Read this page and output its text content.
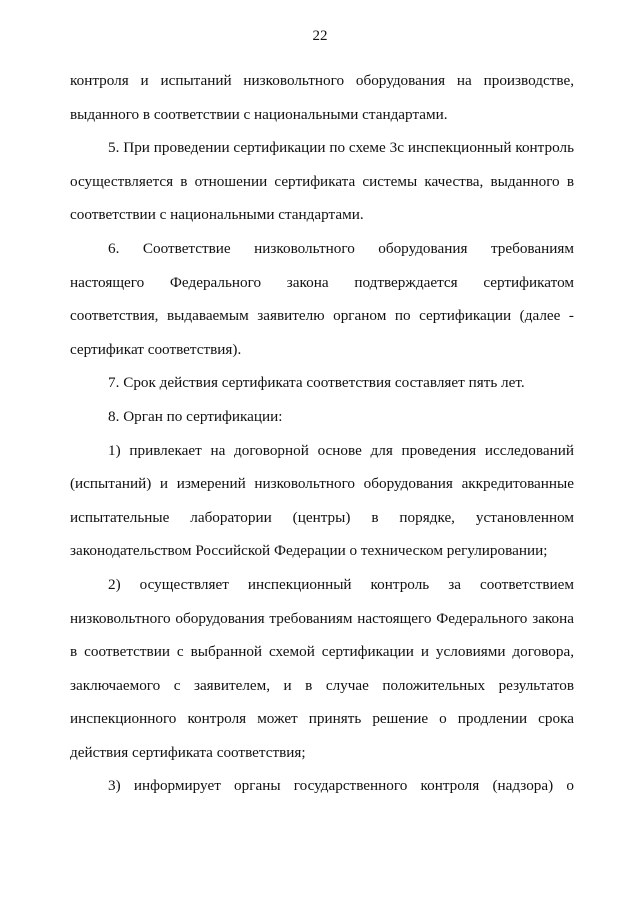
22
контроля и испытаний низковольтного оборудования на производстве,
выданного в соответствии с национальными стандартами.
5. При проведении сертификации по схеме 3с инспекционный контроль
осуществляется в отношении сертификата системы качества, выданного в
соответствии с национальными стандартами.
6. Соответствие низковольтного оборудования требованиям
настоящего Федерального закона подтверждается сертификатом
соответствия, выдаваемым заявителю органом по сертификации (далее -
сертификат соответствия).
7. Срок действия сертификата соответствия составляет пять лет.
8. Орган по сертификации:
1) привлекает на договорной основе для проведения исследований
(испытаний) и измерений низковольтного оборудования аккредитованные
испытательные лаборатории (центры) в порядке, установленном
законодательством Российской Федерации о техническом регулировании;
2) осуществляет инспекционный контроль за соответствием
низковольтного оборудования требованиям настоящего Федерального закона
в соответствии с выбранной схемой сертификации и условиями договора,
заключаемого с заявителем, и в случае положительных результатов
инспекционного контроля может принять решение о продлении срока
действия сертификата соответствия;
3) информирует органы государственного контроля (надзора) о
